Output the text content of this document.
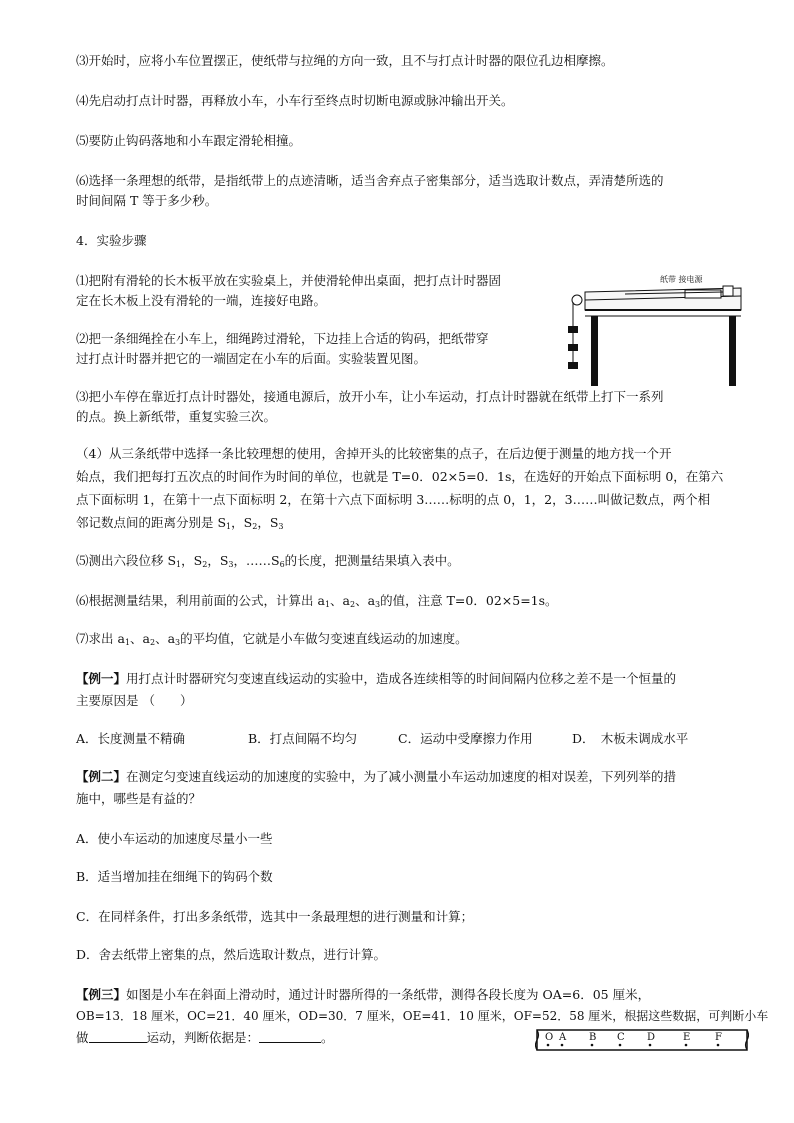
⑶开始时，应将小车位置摆正，使纸带与拉绳的方向一致，且不与打点计时器的限位孔边相摩擦。

⑷先启动打点计时器，再释放小车，小车行至终点时切断电源或脉冲输出开关。

⑸要防止钩码落地和小车跟定滑轮相撞。

⑹选择一条理想的纸带，是指纸带上的点迹清晰，适当舍弃点子密集部分，适当选取计数点，弄清楚所选的

时间间隔 T 等于多少秒。

4．实验步骤

⑴把附有滑轮的长木板平放在实验桌上，并使滑轮伸出桌面，把打点计时器固

定在长木板上没有滑轮的一端，连接好电路。

⑵把一条细绳拴在小车上，细绳跨过滑轮，下边挂上合适的钩码，把纸带穿

过打点计时器并把它的一端固定在小车的后面。实验装置见图。

纸带 接电源

⑶把小车停在靠近打点计时器处，接通电源后，放开小车，让小车运动，打点计时器就在纸带上打下一系列

的点。换上新纸带，重复实验三次。

（4）从三条纸带中选择一条比较理想的使用，舍掉开头的比较密集的点子，在后边便于测量的地方找一个开

始点，我们把每打五次点的时间作为时间的单位，也就是 T=0．02×5=0．1s，在选好的开始点下面标明 0，在第六

点下面标明 1，在第十一点下面标明 2，在第十六点下面标明 3……标明的点 0，1，2，3……叫做记数点，两个相

邻记数点间的距离分别是 $S_1$，$S_2$，$S_3$

⑸测出六段位移 $S_1$，$S_2$，$S_3$，$\dots\dots S_6$的长度，把测量结果填入表中。

⑹根据测量结果，利用前面的公式，计算出 $a_1$、$a_2$、$a_3$的值，注意 T=0．02×5=1s。

⑺求出 $a_1$、$a_2$、$a_3$的平均值，它就是小车做匀变速直线运动的加速度。

【例一】用打点计时器研究匀变速直线运动的实验中，造成各连续相等的时间间隔内位移之差不是一个恒量的

主要原因是 （　　）

A．长度测量不精确	B．打点间隔不均匀	C．运动中受摩擦力作用	D．　木板未调成水平

【例二】在测定匀变速直线运动的加速度的实验中，为了减小测量小车运动加速度的相对误差，下列列举的措

施中，哪些是有益的？

A．使小车运动的加速度尽量小一些

B．适当增加挂在细绳下的钩码个数

C．在同样条件，打出多条纸带，选其中一条最理想的进行测量和计算；

D．舍去纸带上密集的点，然后选取计数点，进行计算。

【例三】如图是小车在斜面上滑动时，通过计时器所得的一条纸带，测得各段长度为 OA=6．05 厘米，

OB=13．18 厘米，OC=21．40 厘米，OD=30．7 厘米，OE=41．10 厘米，OF=52．58 厘米，根据这些数据，可判断小车

做	运动，判断依据是：	。	O A B C D	E F
